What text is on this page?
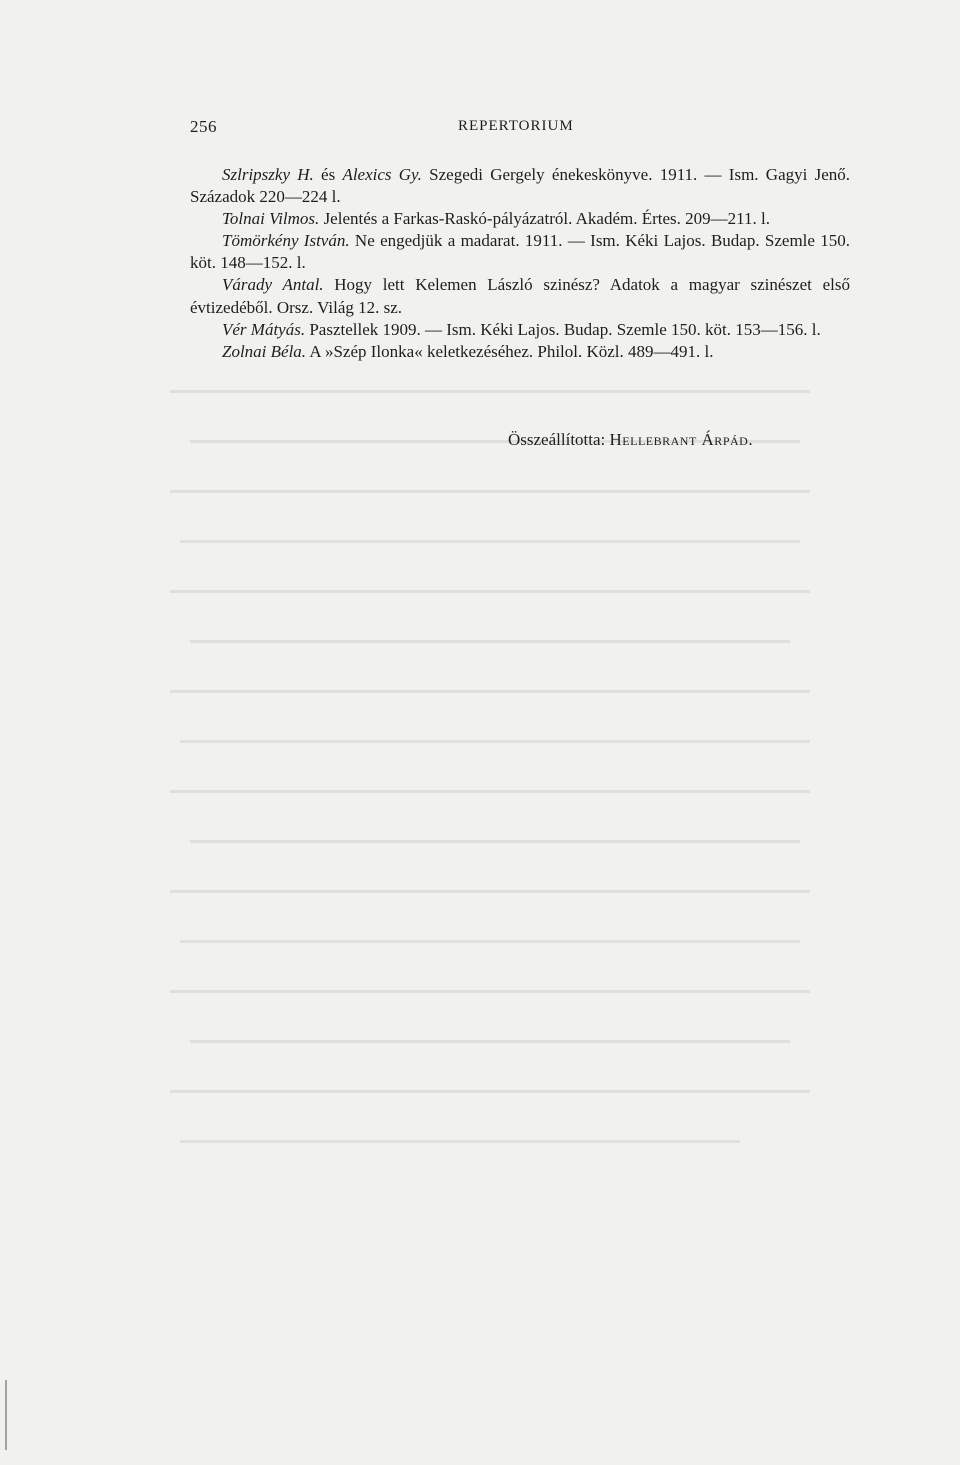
256	REPERTORIUM

Szlripszky H. és Alexics Gy. Szegedi Gergely énekeskönyve. 1911. — Ism. Gagyi Jenő. Századok 220—224 l.

Tolnai Vilmos. Jelentés a Farkas-Raskó-pályázatról. Akadém. Értes. 209—211. l.

Tömörkény István. Ne engedjük a madarat. 1911. — Ism. Kéki Lajos. Budap. Szemle 150. köt. 148—152. l.

Várady Antal. Hogy lett Kelemen László szinész? Adatok a magyar szinészet első évtizedéből. Orsz. Világ 12. sz.

Vér Mátyás. Pasztellek 1909. — Ism. Kéki Lajos. Budap. Szemle 150. köt. 153—156. l.

Zolnai Béla. A »Szép Ilonka« keletkezéséhez. Philol. Közl. 489—491. l.

Összeállította: Hellebrant Árpád.
